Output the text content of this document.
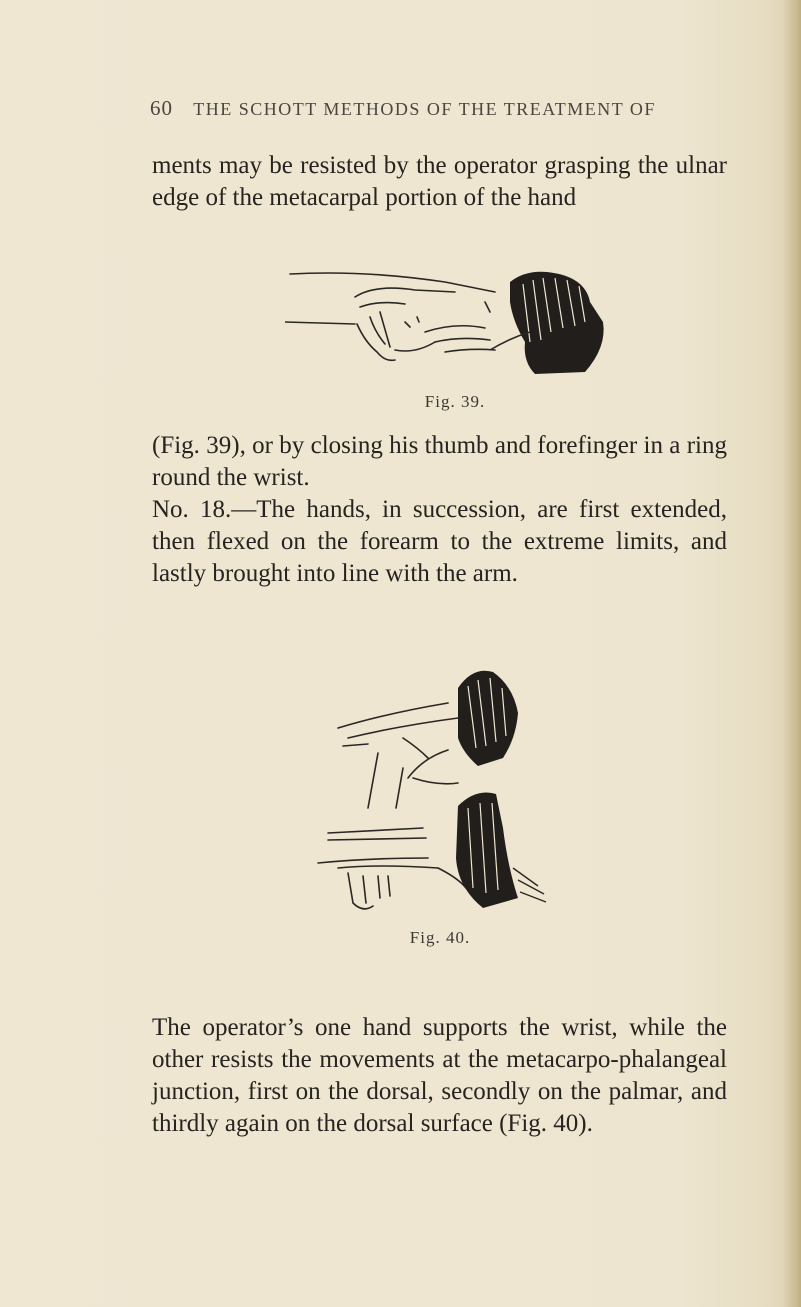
60 THE SCHOTT METHODS OF THE TREATMENT OF

ments may be resisted by the operator grasping the ulnar edge of the metacarpal portion of the hand

Fig. 39.

(Fig. 39), or by closing his thumb and forefinger in a ring round the wrist.

No. 18.—The hands, in succession, are first extended, then flexed on the forearm to the extreme limits, and lastly brought into line with the arm.

Fig. 40.

The operator’s one hand supports the wrist, while the other resists the movements at the metacarpo-phalangeal junction, first on the dorsal, secondly on the palmar, and thirdly again on the dorsal surface (Fig. 40).
